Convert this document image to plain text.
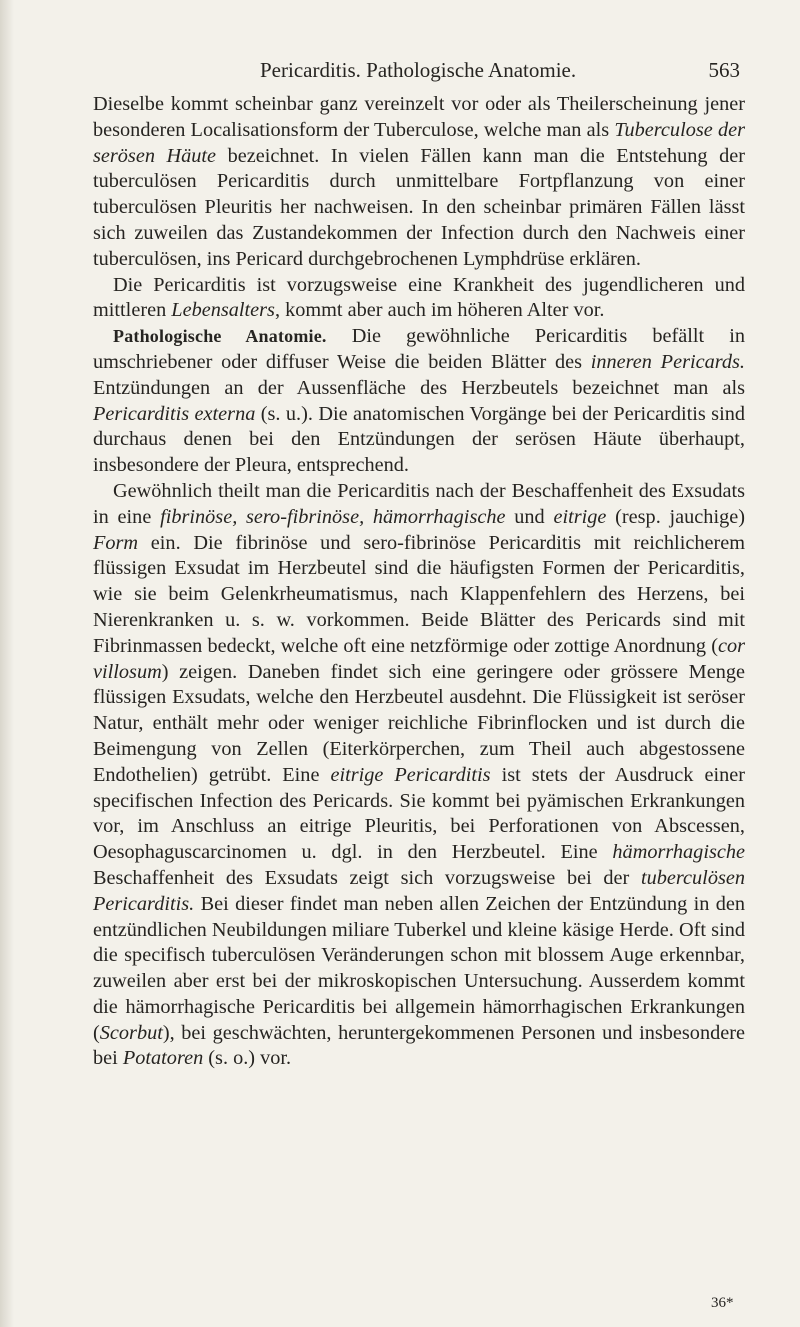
Pericarditis. Pathologische Anatomie.	563

Dieselbe kommt scheinbar ganz vereinzelt vor oder als Theilerscheinung jener besonderen Localisationsform der Tuberculose, welche man als Tuberculose der serösen Häute bezeichnet. In vielen Fällen kann man die Entstehung der tuberculösen Pericarditis durch unmittelbare Fortpflanzung von einer tuberculösen Pleuritis her nachweisen. In den scheinbar primären Fällen lässt sich zuweilen das Zustandekommen der Infection durch den Nachweis einer tuberculösen, ins Pericard durchgebrochenen Lymphdrüse erklären.

Die Pericarditis ist vorzugsweise eine Krankheit des jugendlicheren und mittleren Lebensalters, kommt aber auch im höheren Alter vor.

Pathologische Anatomie. Die gewöhnliche Pericarditis befällt in umschriebener oder diffuser Weise die beiden Blätter des inneren Pericards. Entzündungen an der Aussenfläche des Herzbeutels bezeichnet man als Pericarditis externa (s. u.). Die anatomischen Vorgänge bei der Pericarditis sind durchaus denen bei den Entzündungen der serösen Häute überhaupt, insbesondere der Pleura, entsprechend.

Gewöhnlich theilt man die Pericarditis nach der Beschaffenheit des Exsudats in eine fibrinöse, sero-fibrinöse, hämorrhagische und eitrige (resp. jauchige) Form ein. Die fibrinöse und sero-fibrinöse Pericarditis mit reichlicherem flüssigen Exsudat im Herzbeutel sind die häufigsten Formen der Pericarditis, wie sie beim Gelenkrheumatismus, nach Klappenfehlern des Herzens, bei Nierenkranken u. s. w. vorkommen. Beide Blätter des Pericards sind mit Fibrinmassen bedeckt, welche oft eine netzförmige oder zottige Anordnung (cor villosum) zeigen. Daneben findet sich eine geringere oder grössere Menge flüssigen Exsudats, welche den Herzbeutel ausdehnt. Die Flüssigkeit ist seröser Natur, enthält mehr oder weniger reichliche Fibrinflocken und ist durch die Beimengung von Zellen (Eiterkörperchen, zum Theil auch abgestossene Endothelien) getrübt. Eine eitrige Pericarditis ist stets der Ausdruck einer specifischen Infection des Pericards. Sie kommt bei pyämischen Erkrankungen vor, im Anschluss an eitrige Pleuritis, bei Perforationen von Abscessen, Oesophaguscarcinomen u. dgl. in den Herzbeutel. Eine hämorrhagische Beschaffenheit des Exsudats zeigt sich vorzugsweise bei der tuberculösen Pericarditis. Bei dieser findet man neben allen Zeichen der Entzündung in den entzündlichen Neubildungen miliare Tuberkel und kleine käsige Herde. Oft sind die specifisch tuberculösen Veränderungen schon mit blossem Auge erkennbar, zuweilen aber erst bei der mikroskopischen Untersuchung. Ausserdem kommt die hämorrhagische Pericarditis bei allgemein hämorrhagischen Erkrankungen (Scorbut), bei geschwächten, heruntergekommenen Personen und insbesondere bei Potatoren (s. o.) vor.

36*
